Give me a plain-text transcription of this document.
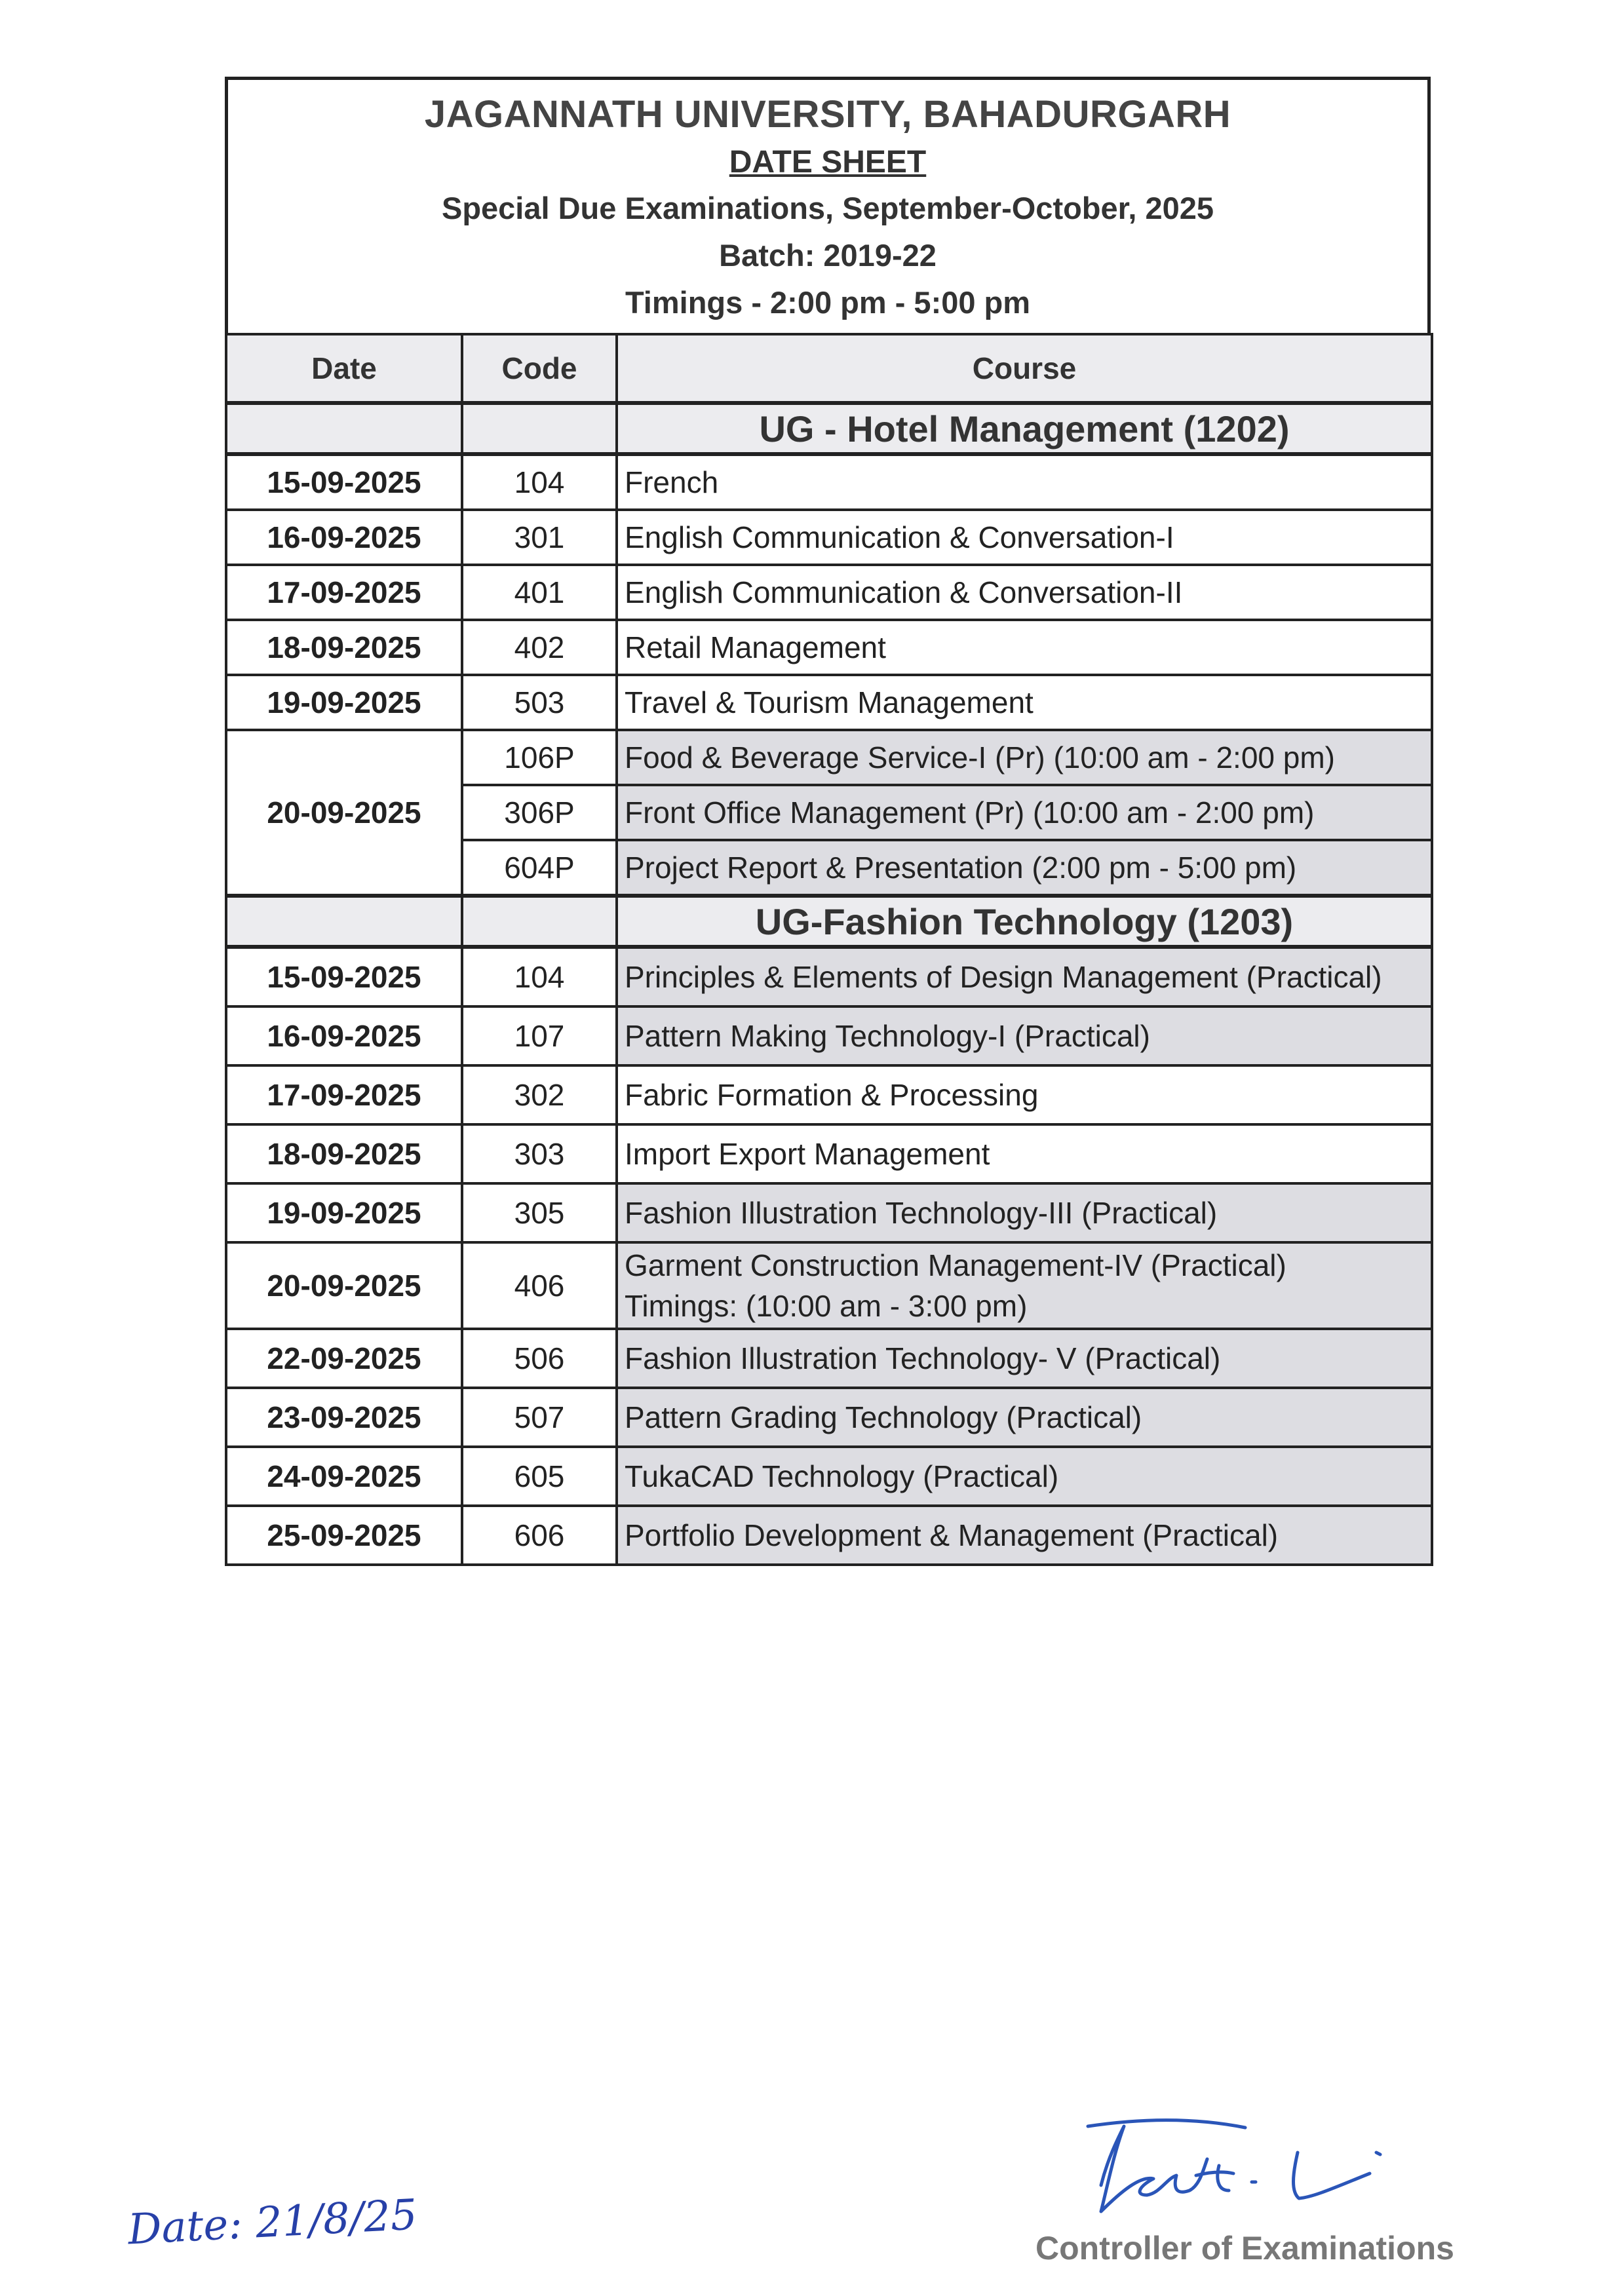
JAGANNATH UNIVERSITY, BAHADURGARH
DATE SHEET
Special Due Examinations, September-October, 2025
Batch: 2019-22
Timings - 2:00 pm - 5:00 pm
Date	Code	Course
		UG - Hotel Management (1202)
15-09-2025	104	French
16-09-2025	301	English Communication & Conversation-I
17-09-2025	401	English Communication & Conversation-II
18-09-2025	402	Retail Management
19-09-2025	503	Travel & Tourism Management
20-09-2025	106P	Food & Beverage Service-I (Pr) (10:00 am - 2:00 pm)
	306P	Front Office Management (Pr) (10:00 am - 2:00 pm)
	604P	Project Report & Presentation (2:00 pm - 5:00 pm)
		UG-Fashion Technology (1203)
15-09-2025	104	Principles & Elements of Design Management (Practical)
16-09-2025	107	Pattern Making Technology-I (Practical)
17-09-2025	302	Fabric Formation & Processing
18-09-2025	303	Import Export Management
19-09-2025	305	Fashion Illustration Technology-III (Practical)
20-09-2025	406	Garment Construction Management-IV (Practical)
Timings: (10:00 am - 3:00 pm)

22-09-2025	506	Fashion Illustration Technology- V (Practical)
23-09-2025	507	Pattern Grading Technology (Practical)
24-09-2025	605	TukaCAD Technology (Practical)
25-09-2025	606	Portfolio Development & Management (Practical)
Date: 21/8/25	Controller of Examinations
